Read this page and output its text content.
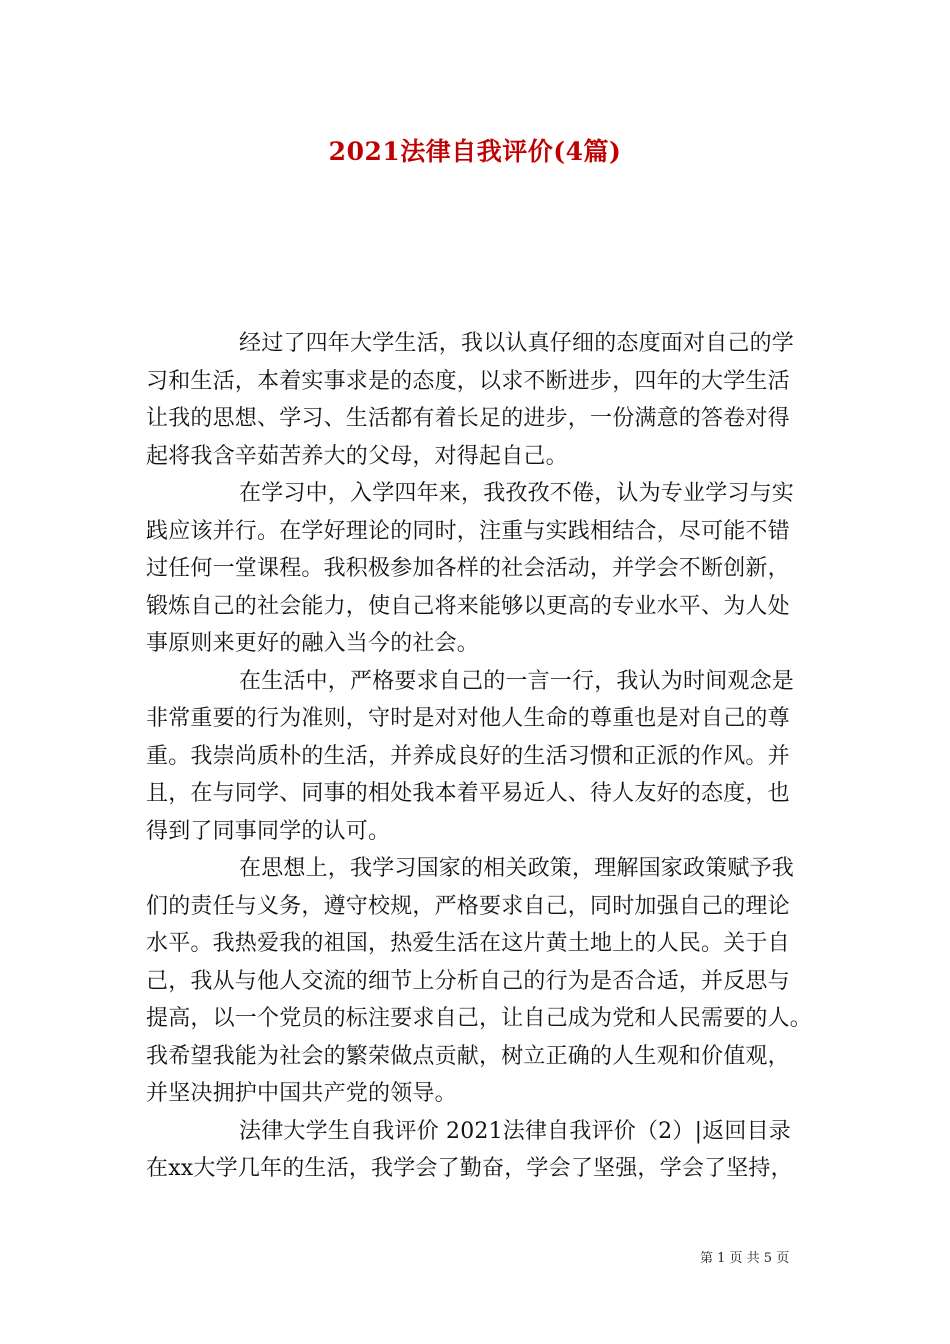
2021法律自我评价(4篇)
经过了四年大学生活，我以认真仔细的态度面对自己的学
习和生活，本着实事求是的态度，以求不断进步，四年的大学生活
让我的思想、学习、生活都有着长足的进步，一份满意的答卷对得
起将我含辛茹苦养大的父母，对得起自己。
在学习中，入学四年来，我孜孜不倦，认为专业学习与实
践应该并行。在学好理论的同时，注重与实践相结合，尽可能不错
过任何一堂课程。我积极参加各样的社会活动，并学会不断创新，
锻炼自己的社会能力，使自己将来能够以更高的专业水平、为人处
事原则来更好的融入当今的社会。
在生活中，严格要求自己的一言一行，我认为时间观念是
非常重要的行为准则，守时是对对他人生命的尊重也是对自己的尊
重。我崇尚质朴的生活，并养成良好的生活习惯和正派的作风。并
且，在与同学、同事的相处我本着平易近人、待人友好的态度，也
得到了同事同学的认可。
在思想上，我学习国家的相关政策，理解国家政策赋予我
们的责任与义务，遵守校规，严格要求自己，同时加强自己的理论
水平。我热爱我的祖国，热爱生活在这片黄土地上的人民。关于自
己，我从与他人交流的细节上分析自己的行为是否合适，并反思与
提高，以一个党员的标注要求自己，让自己成为党和人民需要的人。
我希望我能为社会的繁荣做点贡献，树立正确的人生观和价值观，
并坚决拥护中国共产党的领导。
法律大学生自我评价 2021法律自我评价（2）|返回目录
在xx大学几年的生活，我学会了勤奋，学会了坚强，学会了坚持，
第 1 页 共 5 页
